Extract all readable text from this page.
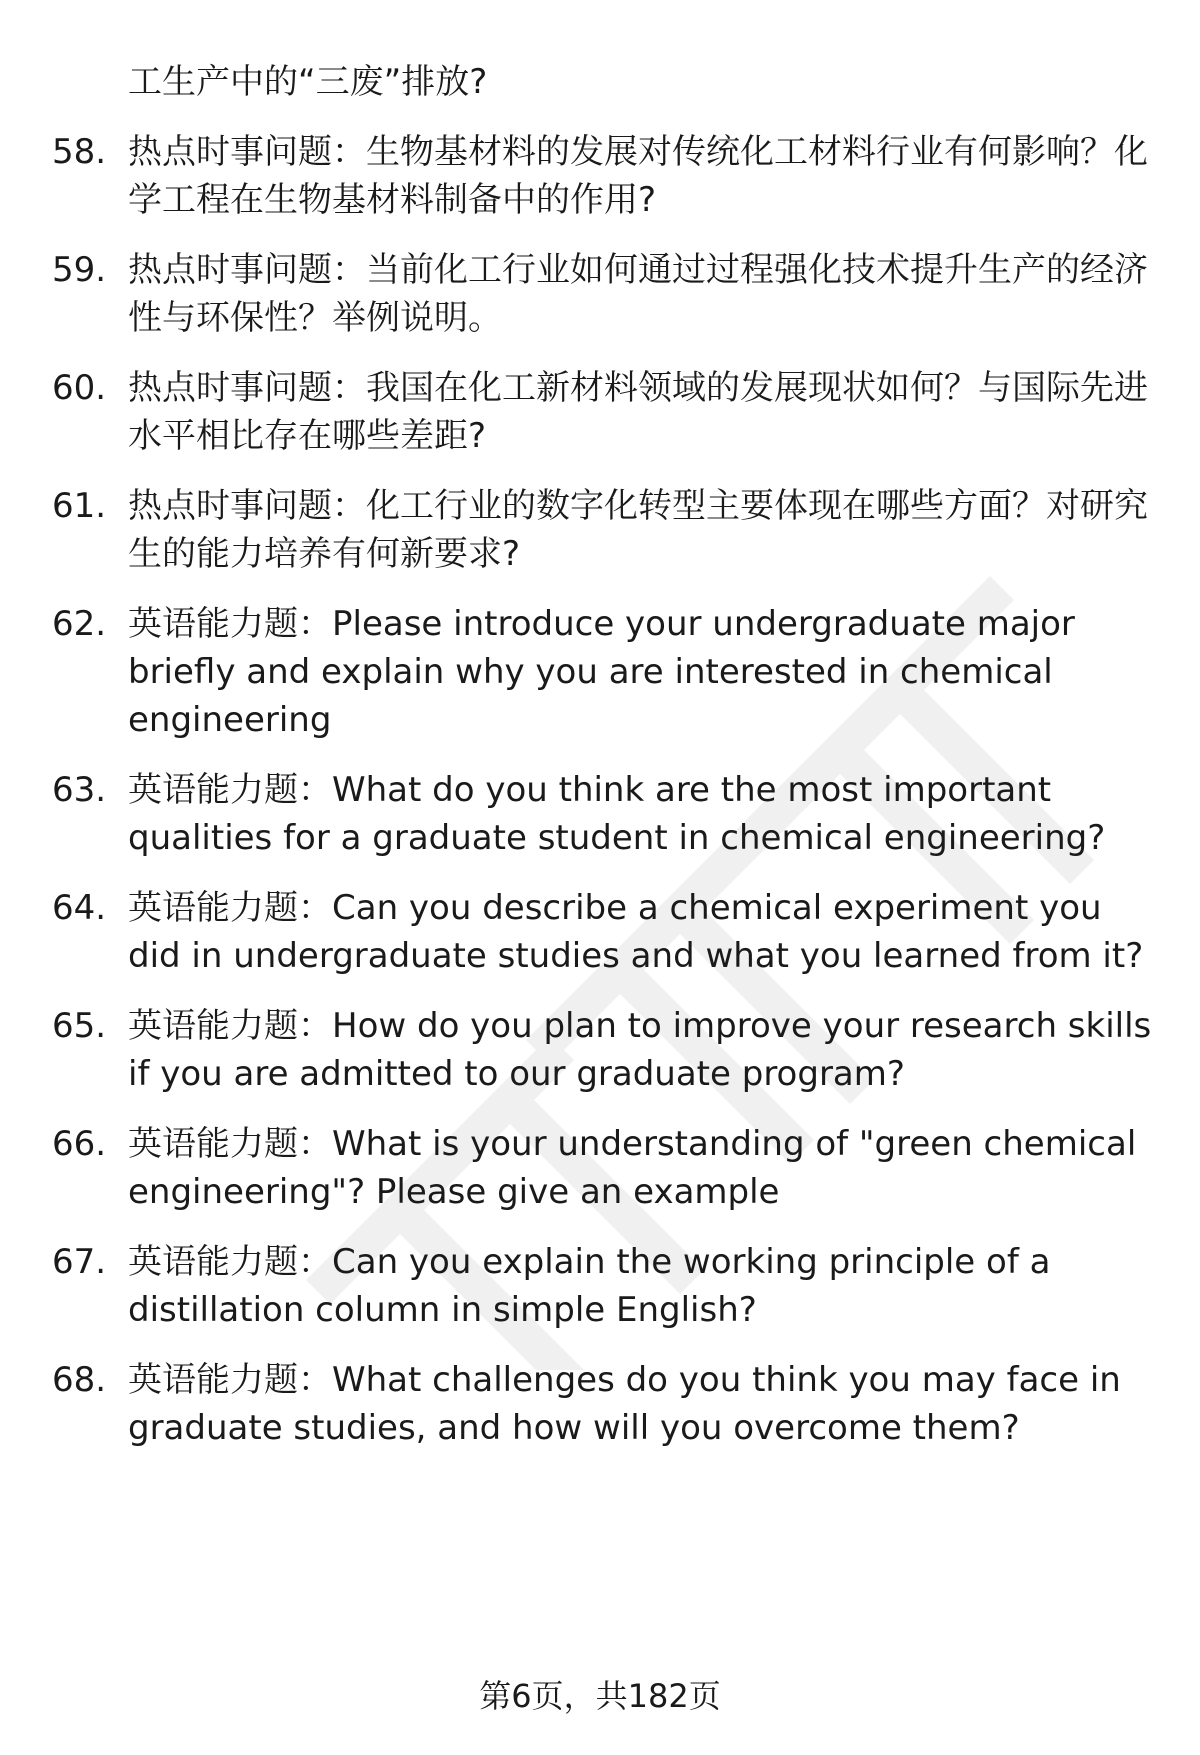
工生产中的“三废”排放?

58. 热点时事问题：生物基材料的发展对传统化工材料行业有何影响？化学工程在生物基材料制备中的作用?
59. 热点时事问题：当前化工行业如何通过过程强化技术提升生产的经济性与环保性？举例说明。
60. 热点时事问题：我国在化工新材料领域的发展现状如何？与国际先进水平相比存在哪些差距?
61. 热点时事问题：化工行业的数字化转型主要体现在哪些方面？对研究生的能力培养有何新要求?
62. 英语能力题：Please introduce your undergraduate major briefly and explain why you are interested in chemical engineering
63. 英语能力题：What do you think are the most important qualities for a graduate student in chemical engineering?
64. 英语能力题：Can you describe a chemical experiment you did in undergraduate studies and what you learned from it?
65. 英语能力题：How do you plan to improve your research skills if you are admitted to our graduate program?
66. 英语能力题：What is your understanding of "green chemical engineering"? Please give an example
67. 英语能力题：Can you explain the working principle of a distillation column in simple English?
68. 英语能力题：What challenges do you think you may face in graduate studies, and how will you overcome them?
第6页，共182页
